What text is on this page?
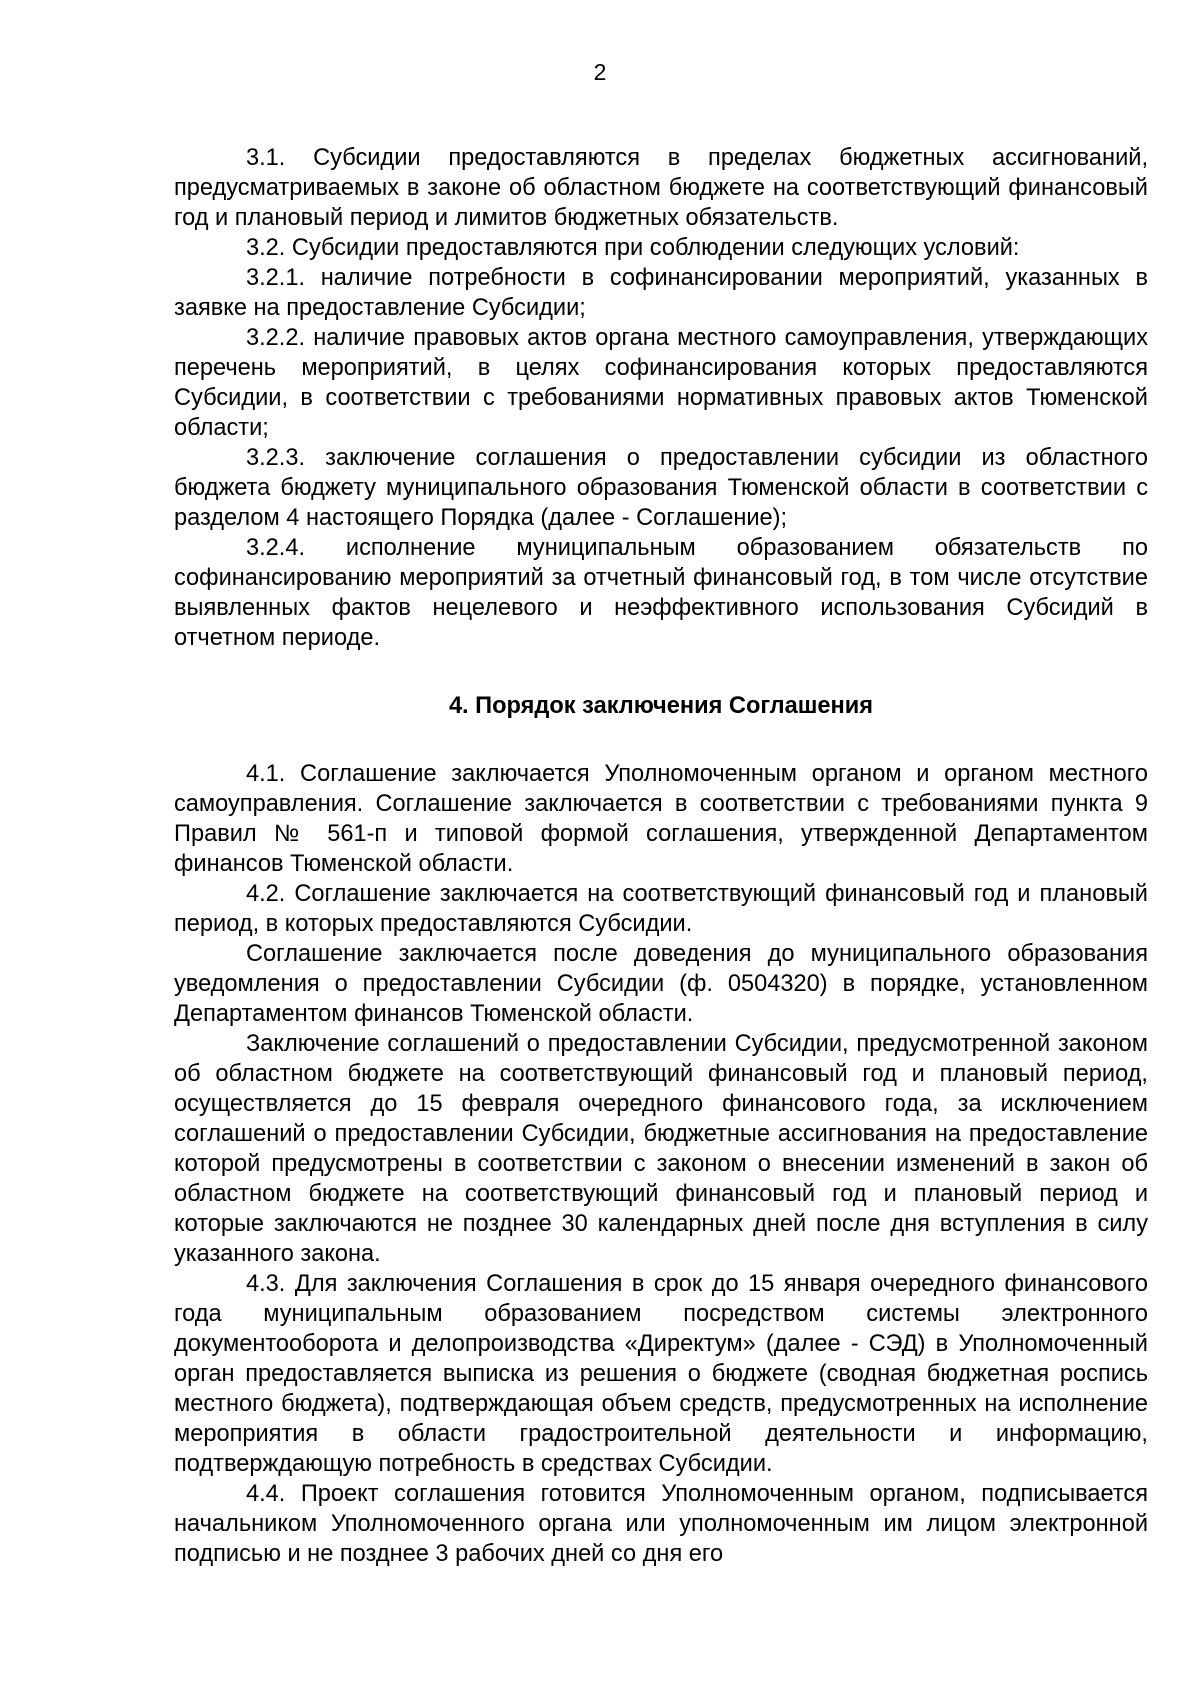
2

3.1. Субсидии предоставляются в пределах бюджетных ассигнований, предусматриваемых в законе об областном бюджете на соответствующий финансовый год и плановый период и лимитов бюджетных обязательств.

3.2. Субсидии предоставляются при соблюдении следующих условий:

3.2.1. наличие потребности в софинансировании мероприятий, указанных в заявке на предоставление Субсидии;

3.2.2. наличие правовых актов органа местного самоуправления, утверждающих перечень мероприятий, в целях софинансирования которых предоставляются Субсидии, в соответствии с требованиями нормативных правовых актов Тюменской области;

3.2.3. заключение соглашения о предоставлении субсидии из областного бюджета бюджету муниципального образования Тюменской области в соответствии с разделом 4 настоящего Порядка (далее - Соглашение);

3.2.4. исполнение муниципальным образованием обязательств по софинансированию мероприятий за отчетный финансовый год, в том числе отсутствие выявленных фактов нецелевого и неэффективного использования Субсидий в отчетном периоде.

4. Порядок заключения Соглашения

4.1. Соглашение заключается Уполномоченным органом и органом местного самоуправления. Соглашение заключается в соответствии с требованиями пункта 9 Правил № 561-п и типовой формой соглашения, утвержденной Департаментом финансов Тюменской области.

4.2. Соглашение заключается на соответствующий финансовый год и плановый период, в которых предоставляются Субсидии.

Соглашение заключается после доведения до муниципального образования уведомления о предоставлении Субсидии (ф. 0504320) в порядке, установленном Департаментом финансов Тюменской области.

Заключение соглашений о предоставлении Субсидии, предусмотренной законом об областном бюджете на соответствующий финансовый год и плановый период, осуществляется до 15 февраля очередного финансового года, за исключением соглашений о предоставлении Субсидии, бюджетные ассигнования на предоставление которой предусмотрены в соответствии с законом о внесении изменений в закон об областном бюджете на соответствующий финансовый год и плановый период и которые заключаются не позднее 30 календарных дней после дня вступления в силу указанного закона.

4.3. Для заключения Соглашения в срок до 15 января очередного финансового года муниципальным образованием посредством системы электронного документооборота и делопроизводства «Директум» (далее - СЭД) в Уполномоченный орган предоставляется выписка из решения о бюджете (сводная бюджетная роспись местного бюджета), подтверждающая объем средств, предусмотренных на исполнение мероприятия в области градостроительной деятельности и информацию, подтверждающую потребность в средствах Субсидии.

4.4. Проект соглашения готовится Уполномоченным органом, подписывается начальником Уполномоченного органа или уполномоченным им лицом электронной подписью и не позднее 3 рабочих дней со дня его
